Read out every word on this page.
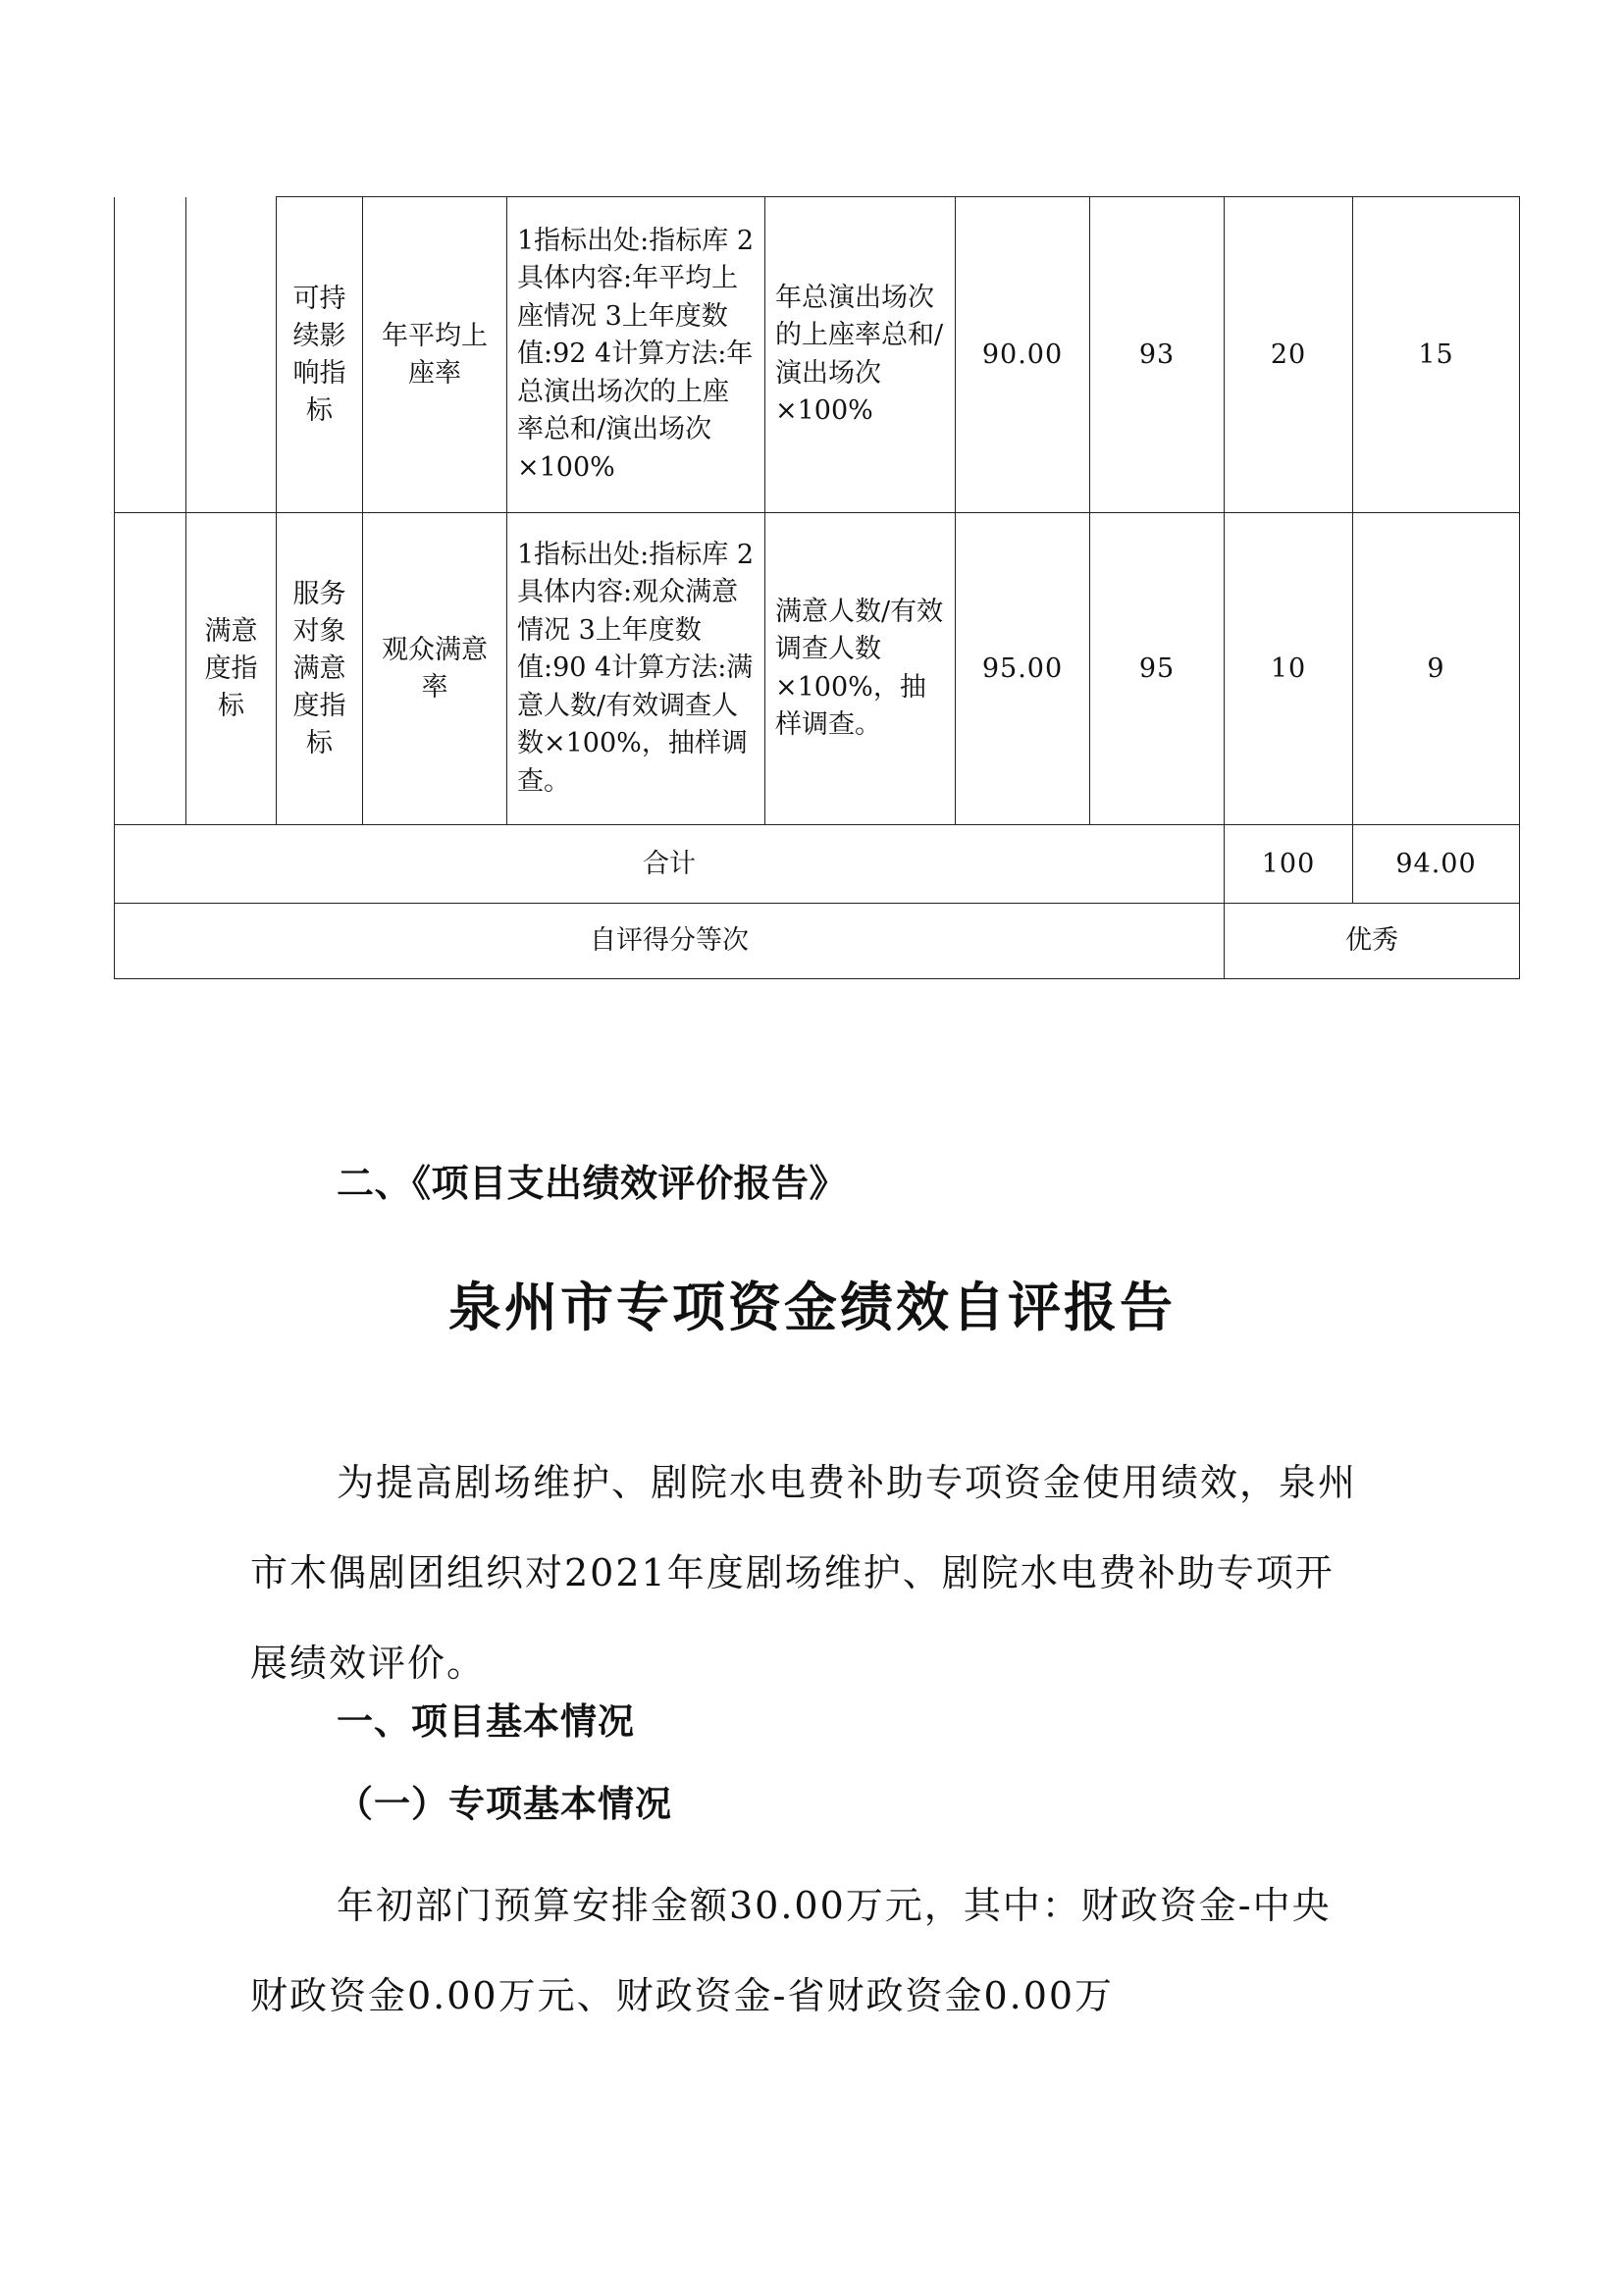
		可持续影响指标	年平均上座率	1指标出处:指标库 2具体内容:年平均上座情况 3上年度数值:92 4计算方法:年总演出场次的上座率总和/演出场次×100%	年总演出场次的上座率总和/演出场次×100%	90.00	93	20	15
	满意度指标	服务对象满意度指标	观众满意率	1指标出处:指标库 2具体内容:观众满意情况 3上年度数值:90 4计算方法:满意人数/有效调查人数×100%，抽样调查。	满意人数/有效调查人数×100%，抽样调查。	95.00	95	10	9
合计								100	94.00
自评得分等次								优秀	
二、《项目支出绩效评价报告》
泉州市专项资金绩效自评报告

为提高剧场维护、剧院水电费补助专项资金使用绩效，泉州市木偶剧团组织对2021年度剧场维护、剧院水电费补助专项开展绩效评价。

一、项目基本情况
（一）专项基本情况

年初部门预算安排金额30.00万元，其中：财政资金-中央财政资金0.00万元、财政资金-省财政资金0.00万
